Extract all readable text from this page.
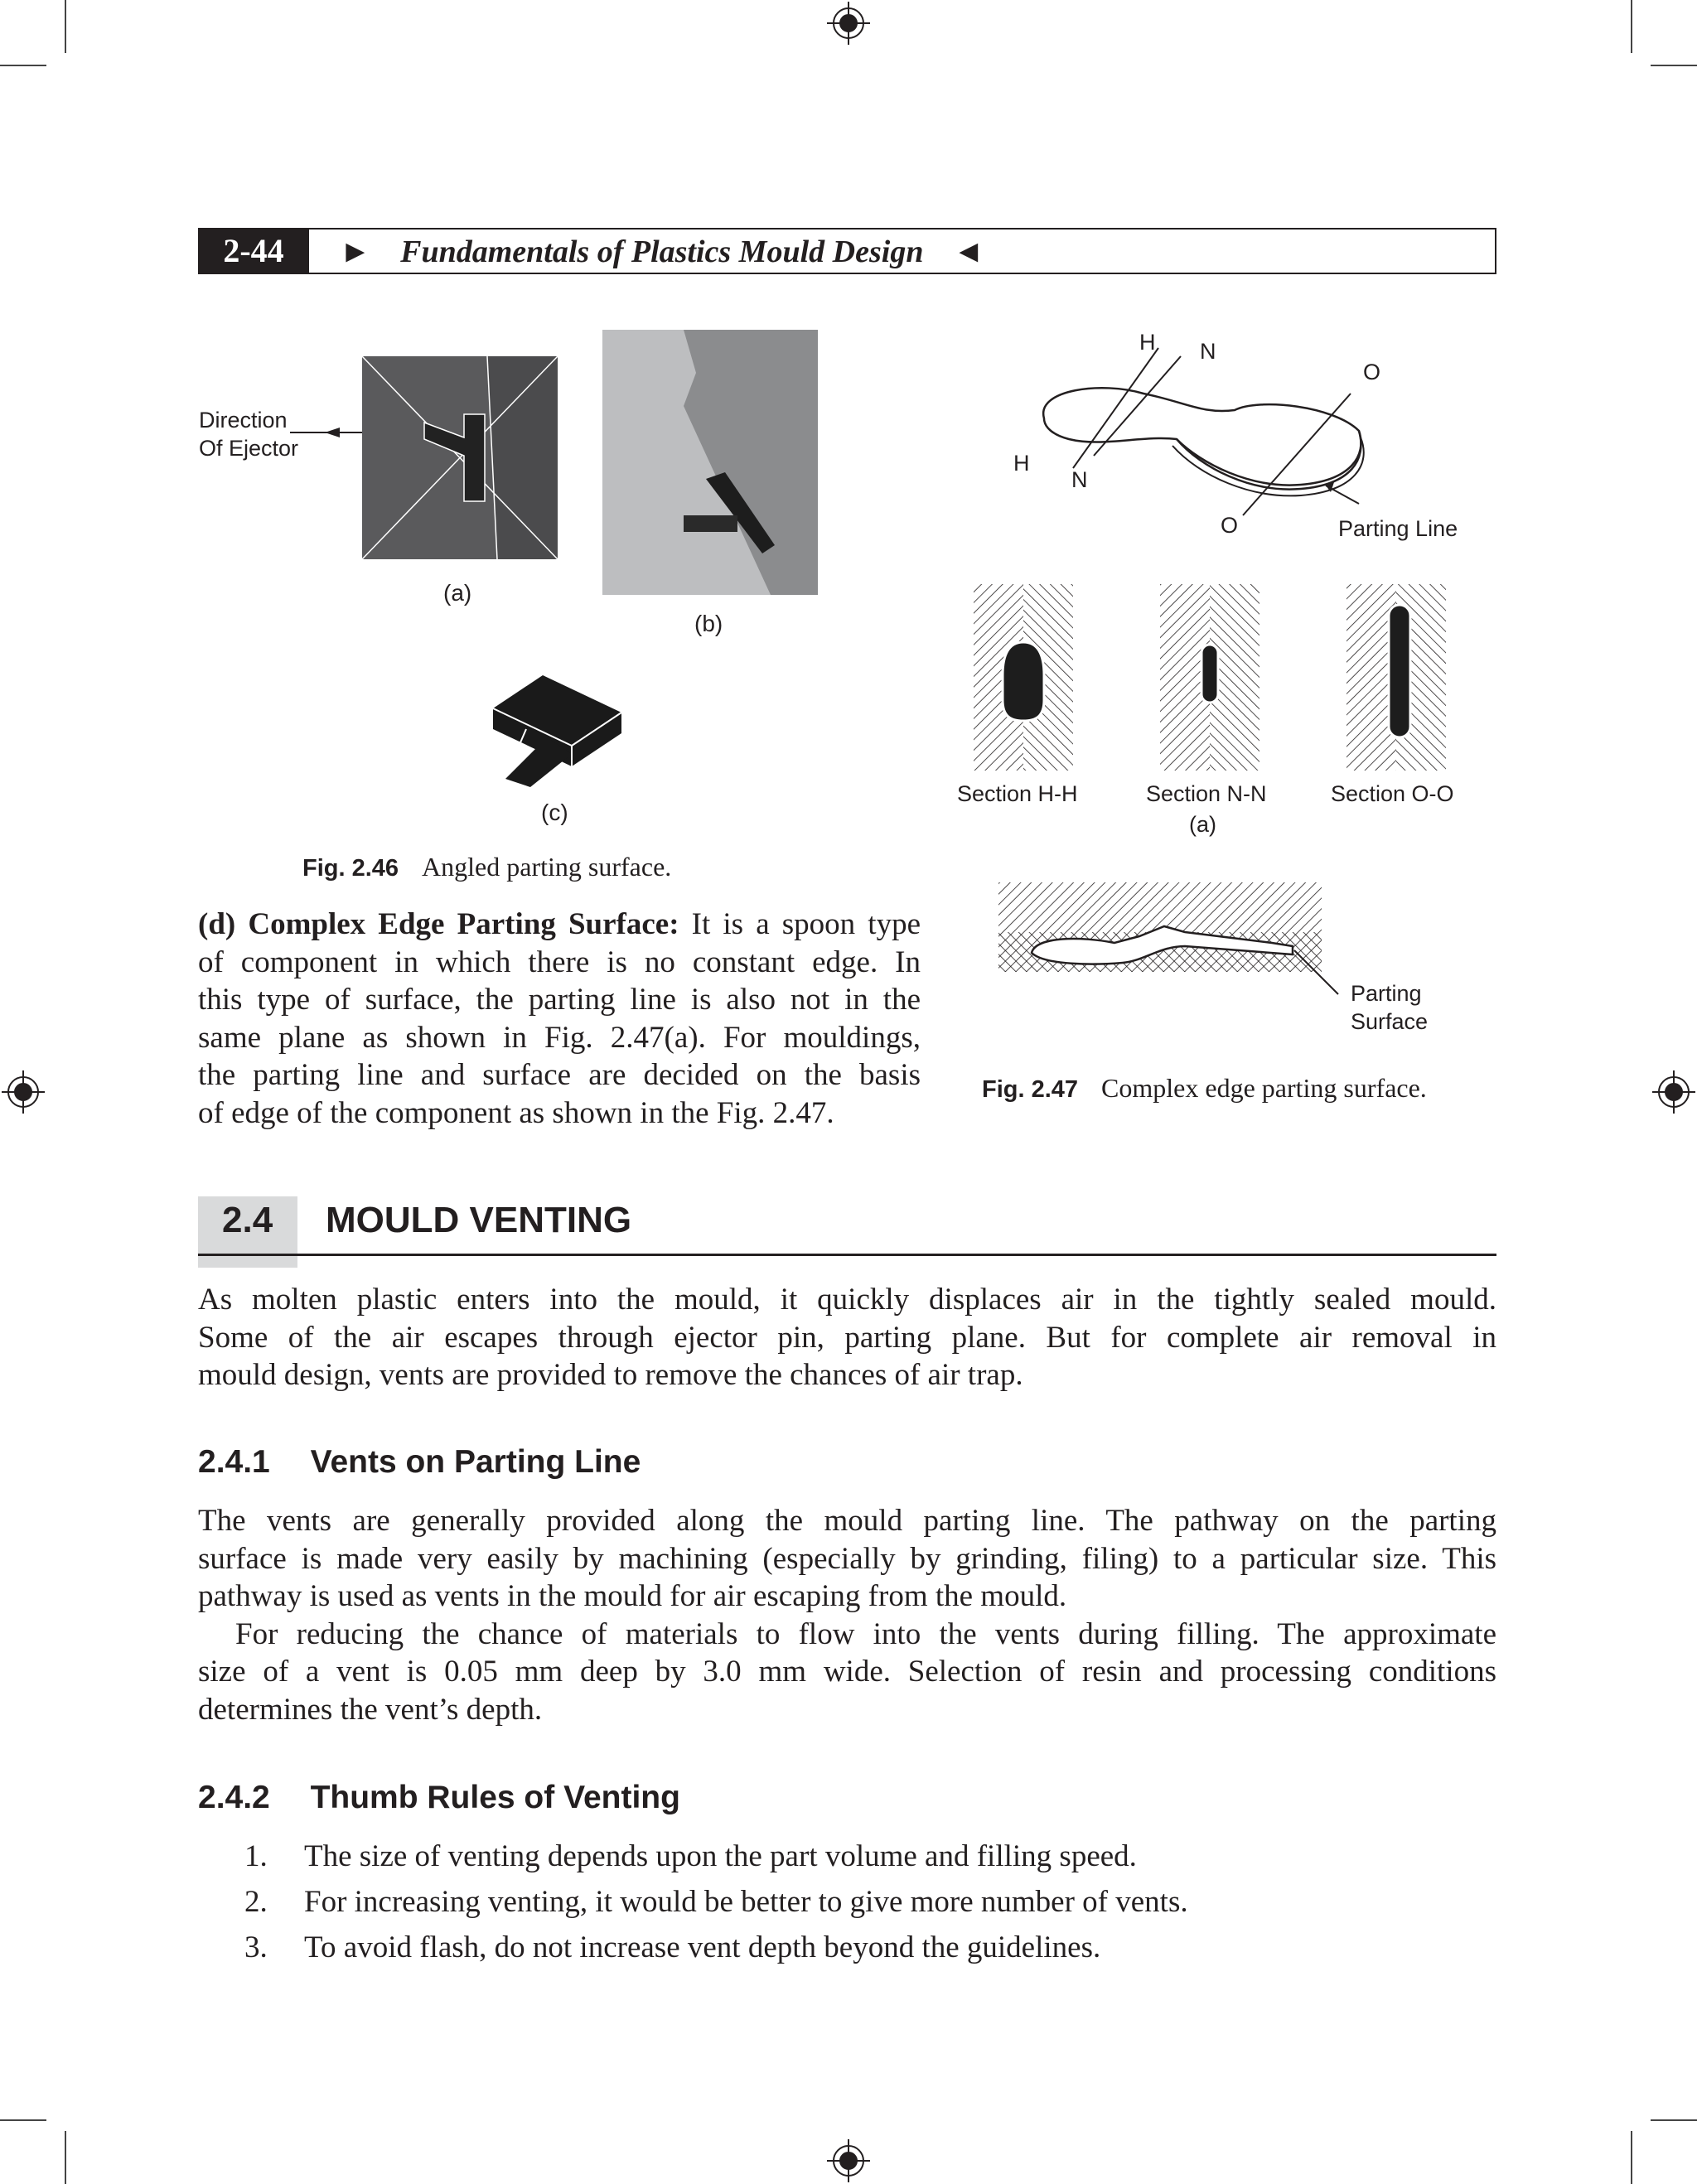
2-44	► Fundamentals of Plastics Mould Design ◄
Direction
Of Ejector
(a)
(b)
(c)
Fig. 2.46 Angled parting surface.
H N
O
H
N
O	Parting Line
Section H-H	Section N-N	Section O-O
(a)
Parting
Surface
Fig. 2.47 Complex edge parting surface.
(d) Complex Edge Parting Surface: It is a spoon type
of component in which there is no constant edge. In
this type of surface, the parting line is also not in the
same plane as shown in Fig. 2.47(a). For mouldings,
the parting line and surface are decided on the basis
of edge of the component as shown in the Fig. 2.47.
2.4 MOULD VENTING
As molten plastic enters into the mould, it quickly displaces air in the tightly sealed mould.
Some of the air escapes through ejector pin, parting plane. But for complete air removal in
mould design, vents are provided to remove the chances of air trap.
2.4.1 Vents on Parting Line
The vents are generally provided along the mould parting line. The pathway on the parting
surface is made very easily by machining (especially by grinding, filing) to a particular size. This
pathway is used as vents in the mould for air escaping from the mould.
For reducing the chance of materials to flow into the vents during filling. The approximate
size of a vent is 0.05 mm deep by 3.0 mm wide. Selection of resin and processing conditions
determines the vent’s depth.
2.4.2 Thumb Rules of Venting
1. The size of venting depends upon the part volume and filling speed.
2. For increasing venting, it would be better to give more number of vents.
3. To avoid flash, do not increase vent depth beyond the guidelines.
